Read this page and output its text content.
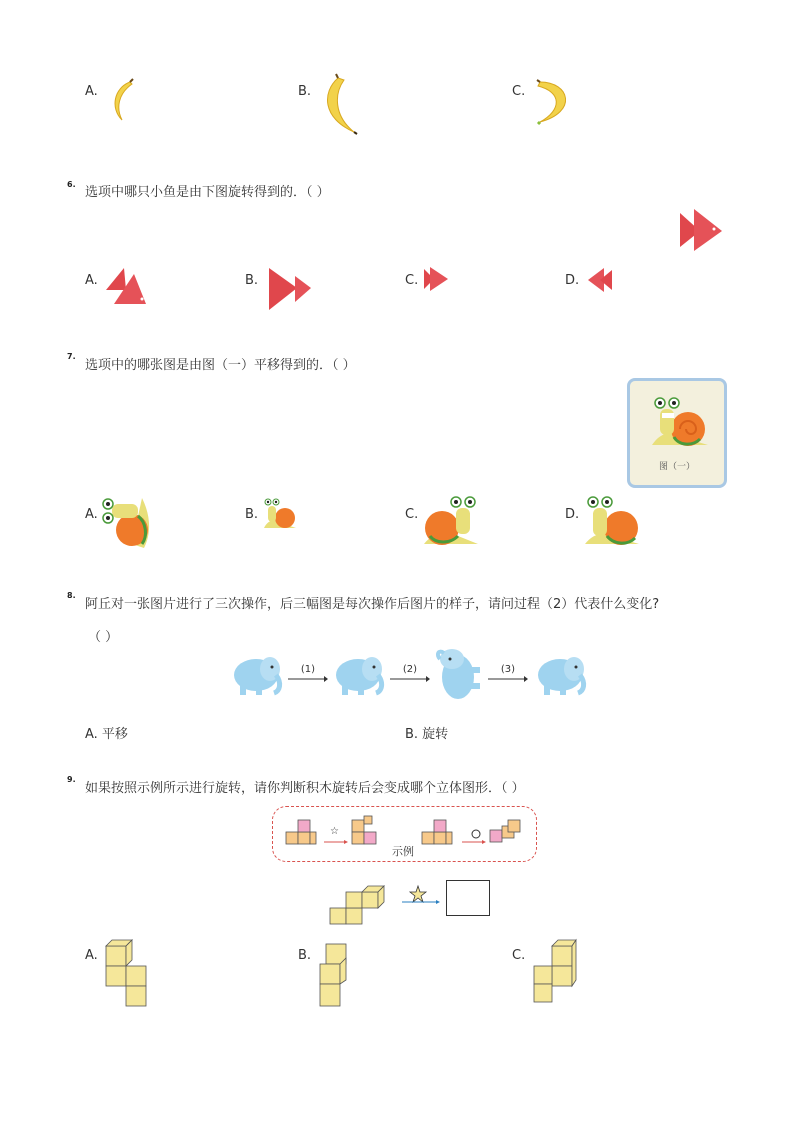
A.	B.	C.
6.
选项中哪只小鱼是由下图旋转得到的．（ ）
A.	B.	C.	D.
7.
选项中的哪张图是由图（一）平移得到的．（ ）
图（一）
A.	B.	C.	D.
8.
阿丘对一张图片进行了三次操作，后三幅图是每次操作后图片的样子，请问过程（2）代表什么变化?
（ ）
(1)	(2)	(3)
A. 平移	B. 旋转
9.
如果按照示例所示进行旋转，请你判断积木旋转后会变成哪个立体图形．（ ）
☆
示例
A.	B.	C.
